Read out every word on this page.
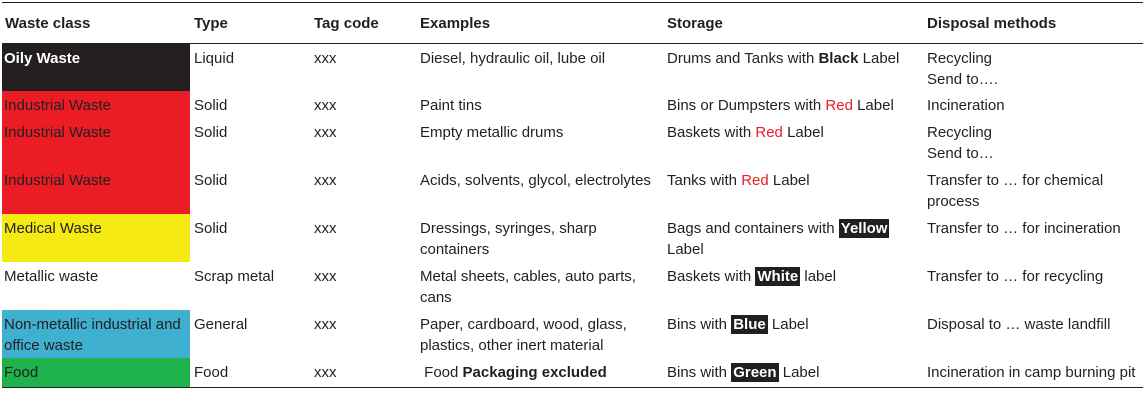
Waste class	Type	Tag code	Examples	Storage	Disposal methods
Oily Waste	Liquid	xxx	Diesel, hydraulic oil, lube oil	Drums and Tanks with Black Label	Recycling
Send to….

Industrial Waste	Solid	xxx	Paint tins	Bins or Dumpsters with Red Label	Incineration

Industrial Waste	Solid	xxx	Empty metallic drums	Baskets with Red Label	Recycling
Send to…

Industrial Waste	Solid	xxx	Acids, solvents, glycol, electrolytes	Tanks with Red Label	Transfer to … for chemical process

Medical Waste	Solid	xxx	Dressings, syringes, sharp containers	Bags and containers with Yellow Label	Transfer to … for incineration

Metallic waste	Scrap metal	xxx	Metal sheets, cables, auto parts, cans	Baskets with White label	Transfer to … for recycling

Non-metallic industrial and office waste	General	xxx	Paper, cardboard, wood, glass, plastics, other inert material	Bins with Blue Label	Disposal to … waste landfill

Food	Food	xxx	Food Packaging excluded	Bins with Green Label	Incineration in camp burning pit
